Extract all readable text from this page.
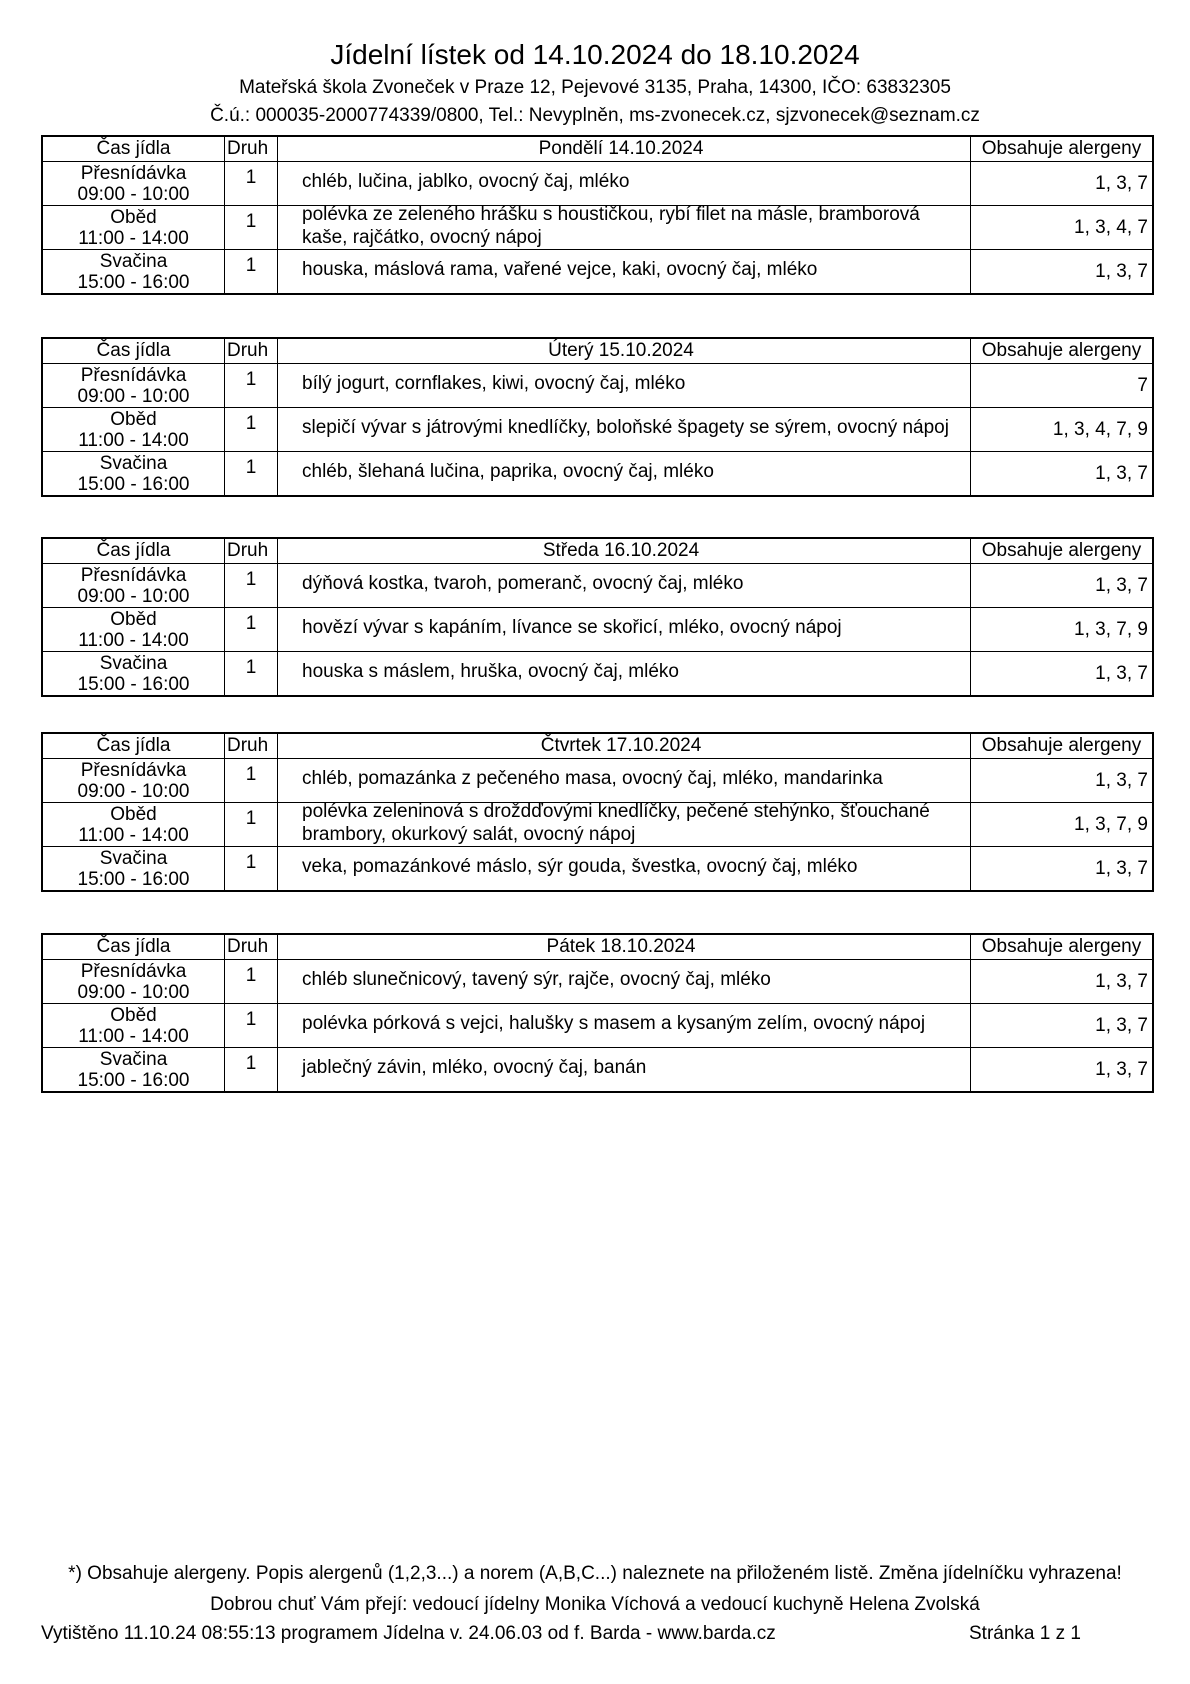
Jídelní lístek od 14.10.2024 do 18.10.2024
Mateřská škola Zvoneček v Praze 12, Pejevové 3135, Praha, 14300, IČO: 63832305
Č.ú.: 000035-2000774339/0800, Tel.: Nevyplněn, ms-zvonecek.cz, sjzvonecek@seznam.cz
Čas jídla	Druh	Pondělí 14.10.2024	Obsahuje alergeny

Přesnídávka
09:00 - 10:00	1	chléb, lučina, jablko, ovocný čaj, mléko	1, 3, 7

Oběd
11:00 - 14:00	1	polévka ze zeleného hrášku s houstičkou, rybí filet na másle, bramborová kaše, rajčátko, ovocný nápoj	1, 3, 4, 7

Svačina
15:00 - 16:00	1	houska, máslová rama, vařené vejce, kaki, ovocný čaj, mléko	1, 3, 7
Čas jídla	Druh	Úterý 15.10.2024	Obsahuje alergeny

Přesnídávka
09:00 - 10:00	1	bílý jogurt, cornflakes, kiwi, ovocný čaj, mléko	7

Oběd
11:00 - 14:00	1	slepičí vývar s játrovými knedlíčky, boloňské špagety se sýrem, ovocný nápoj	1, 3, 4, 7, 9

Svačina
15:00 - 16:00	1	chléb, šlehaná lučina, paprika, ovocný čaj, mléko	1, 3, 7
Čas jídla	Druh	Středa 16.10.2024	Obsahuje alergeny

Přesnídávka
09:00 - 10:00	1	dýňová kostka, tvaroh, pomeranč, ovocný čaj, mléko	1, 3, 7

Oběd
11:00 - 14:00	1	hovězí vývar s kapáním, lívance se skořicí, mléko, ovocný nápoj	1, 3, 7, 9

Svačina
15:00 - 16:00	1	houska s máslem, hruška, ovocný čaj, mléko	1, 3, 7
Čas jídla	Druh	Čtvrtek 17.10.2024	Obsahuje alergeny

Přesnídávka
09:00 - 10:00	1	chléb, pomazánka z pečeného masa, ovocný čaj, mléko, mandarinka	1, 3, 7

Oběd
11:00 - 14:00	1	polévka zeleninová s droždďovými knedlíčky, pečené stehýnko, šťouchané brambory, okurkový salát, ovocný nápoj	1, 3, 7, 9

Svačina
15:00 - 16:00	1	veka, pomazánkové máslo, sýr gouda, švestka, ovocný čaj, mléko	1, 3, 7
Čas jídla	Druh	Pátek 18.10.2024	Obsahuje alergeny

Přesnídávka
09:00 - 10:00	1	chléb slunečnicový, tavený sýr, rajče, ovocný čaj, mléko	1, 3, 7

Oběd
11:00 - 14:00	1	polévka pórková s vejci, halušky s masem a kysaným zelím, ovocný nápoj	1, 3, 7

Svačina
15:00 - 16:00	1	jablečný závin, mléko, ovocný čaj, banán	1, 3, 7
*) Obsahuje alergeny. Popis alergenů (1,2,3...) a norem (A,B,C...) naleznete na přiloženém listě. Změna jídelníčku vyhrazena!
Dobrou chuť Vám přejí: vedoucí jídelny Monika Víchová a vedoucí kuchyně Helena Zvolská
Vytištěno 11.10.24 08:55:13 programem Jídelna v. 24.06.03 od f. Barda - www.barda.cz	Stránka 1 z 1
